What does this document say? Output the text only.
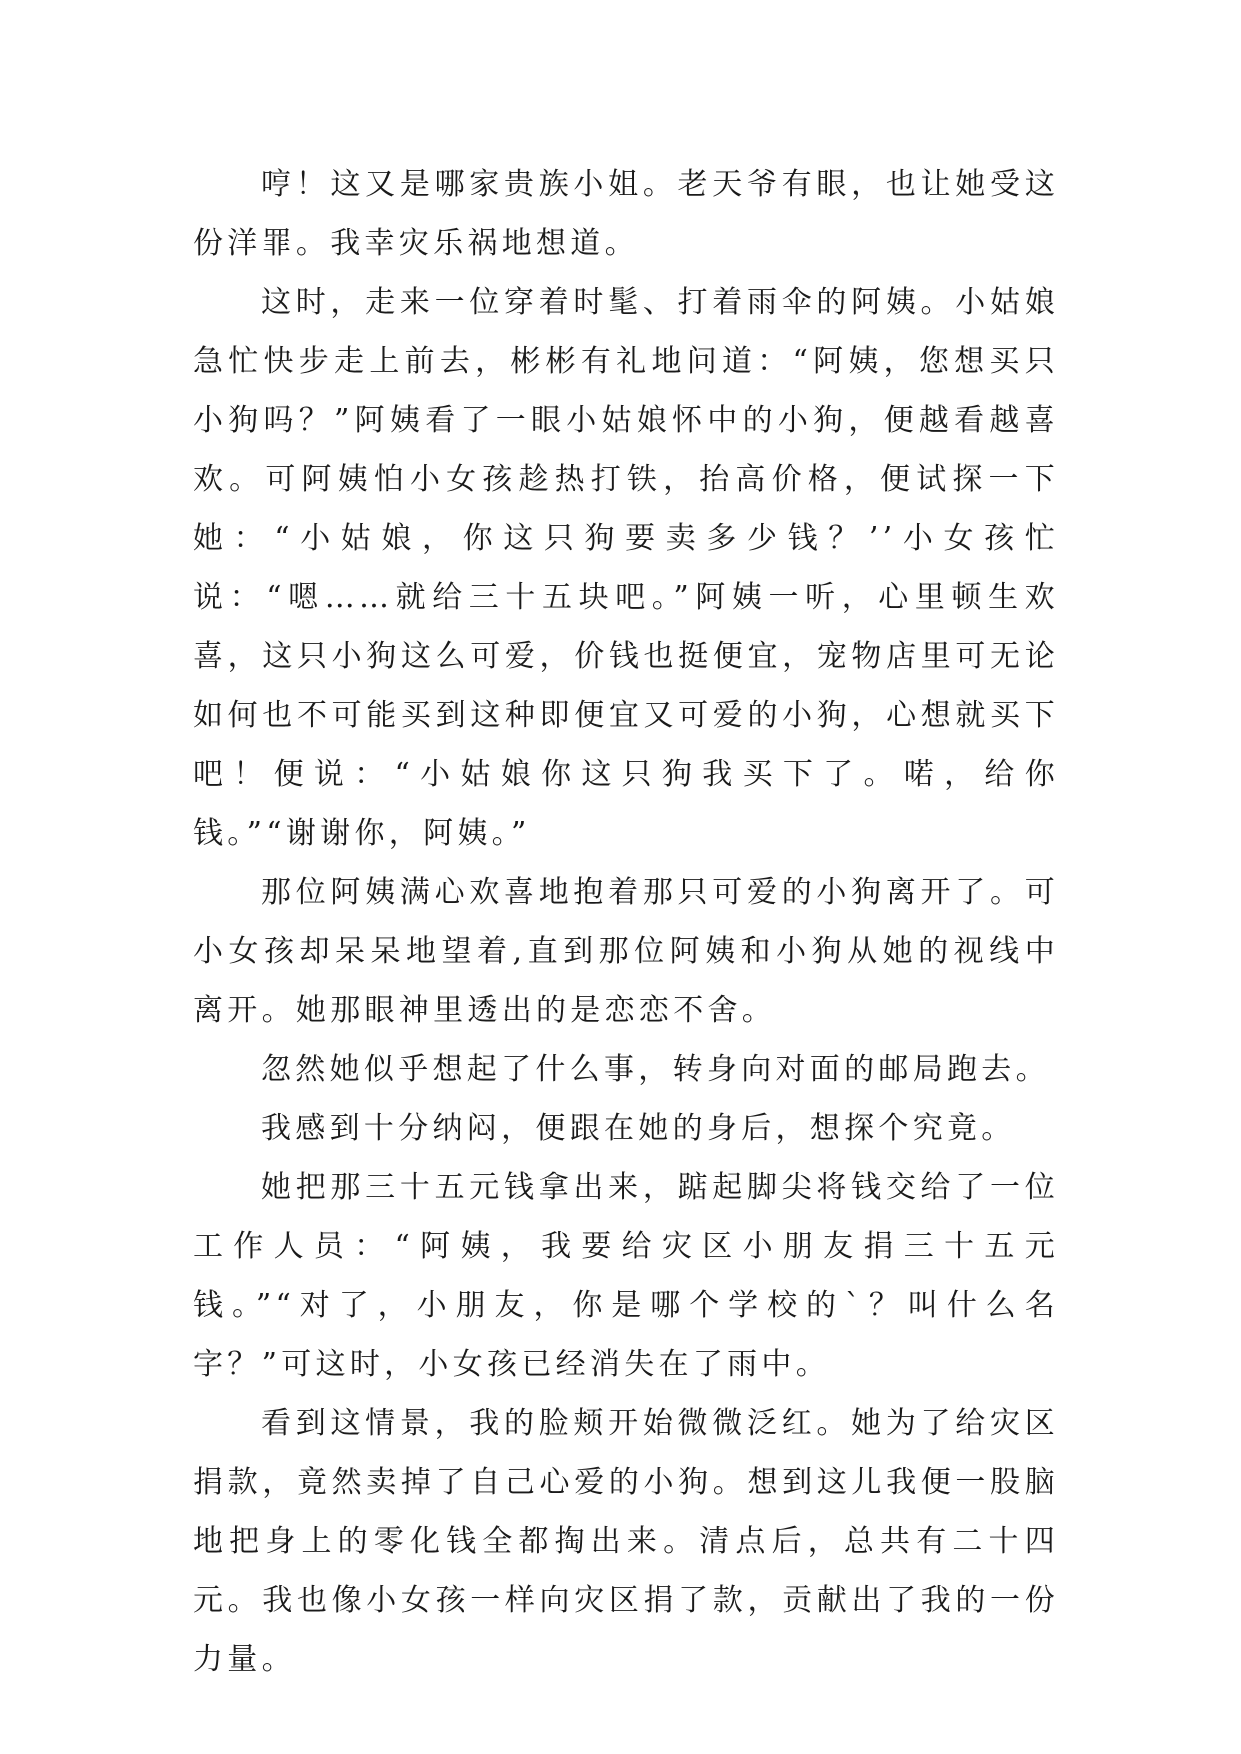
哼！这又是哪家贵族小姐。老天爷有眼，也让她受这份洋罪。我幸灾乐祸地想道。

这时，走来一位穿着时髦、打着雨伞的阿姨。小姑娘急忙快步走上前去，彬彬有礼地问道：“阿姨，您想买只小狗吗？”阿姨看了一眼小姑娘怀中的小狗，便越看越喜欢。可阿姨怕小女孩趁热打铁，抬高价格，便试探一下她：“小姑娘，你这只狗要卖多少钱？’’小女孩忙说：“嗯……就给三十五块吧。”阿姨一听，心里顿生欢喜，这只小狗这么可爱，价钱也挺便宜，宠物店里可无论如何也不可能买到这种即便宜又可爱的小狗，心想就买下吧！便说：“小姑娘你这只狗我买下了。喏，给你钱。”“谢谢你，阿姨。”

那位阿姨满心欢喜地抱着那只可爱的小狗离开了。可小女孩却呆呆地望着,直到那位阿姨和小狗从她的视线中离开。她那眼神里透出的是恋恋不舍。

忽然她似乎想起了什么事，转身向对面的邮局跑去。

我感到十分纳闷，便跟在她的身后，想探个究竟。

她把那三十五元钱拿出来，踮起脚尖将钱交给了一位工作人员：“阿姨，我要给灾区小朋友捐三十五元钱。”“对了，小朋友，你是哪个学校的`？叫什么名字？”可这时，小女孩已经消失在了雨中。

看到这情景，我的脸颊开始微微泛红。她为了给灾区捐款，竟然卖掉了自己心爱的小狗。想到这儿我便一股脑地把身上的零化钱全都掏出来。清点后，总共有二十四元。我也像小女孩一样向灾区捐了款，贡献出了我的一份力量。
